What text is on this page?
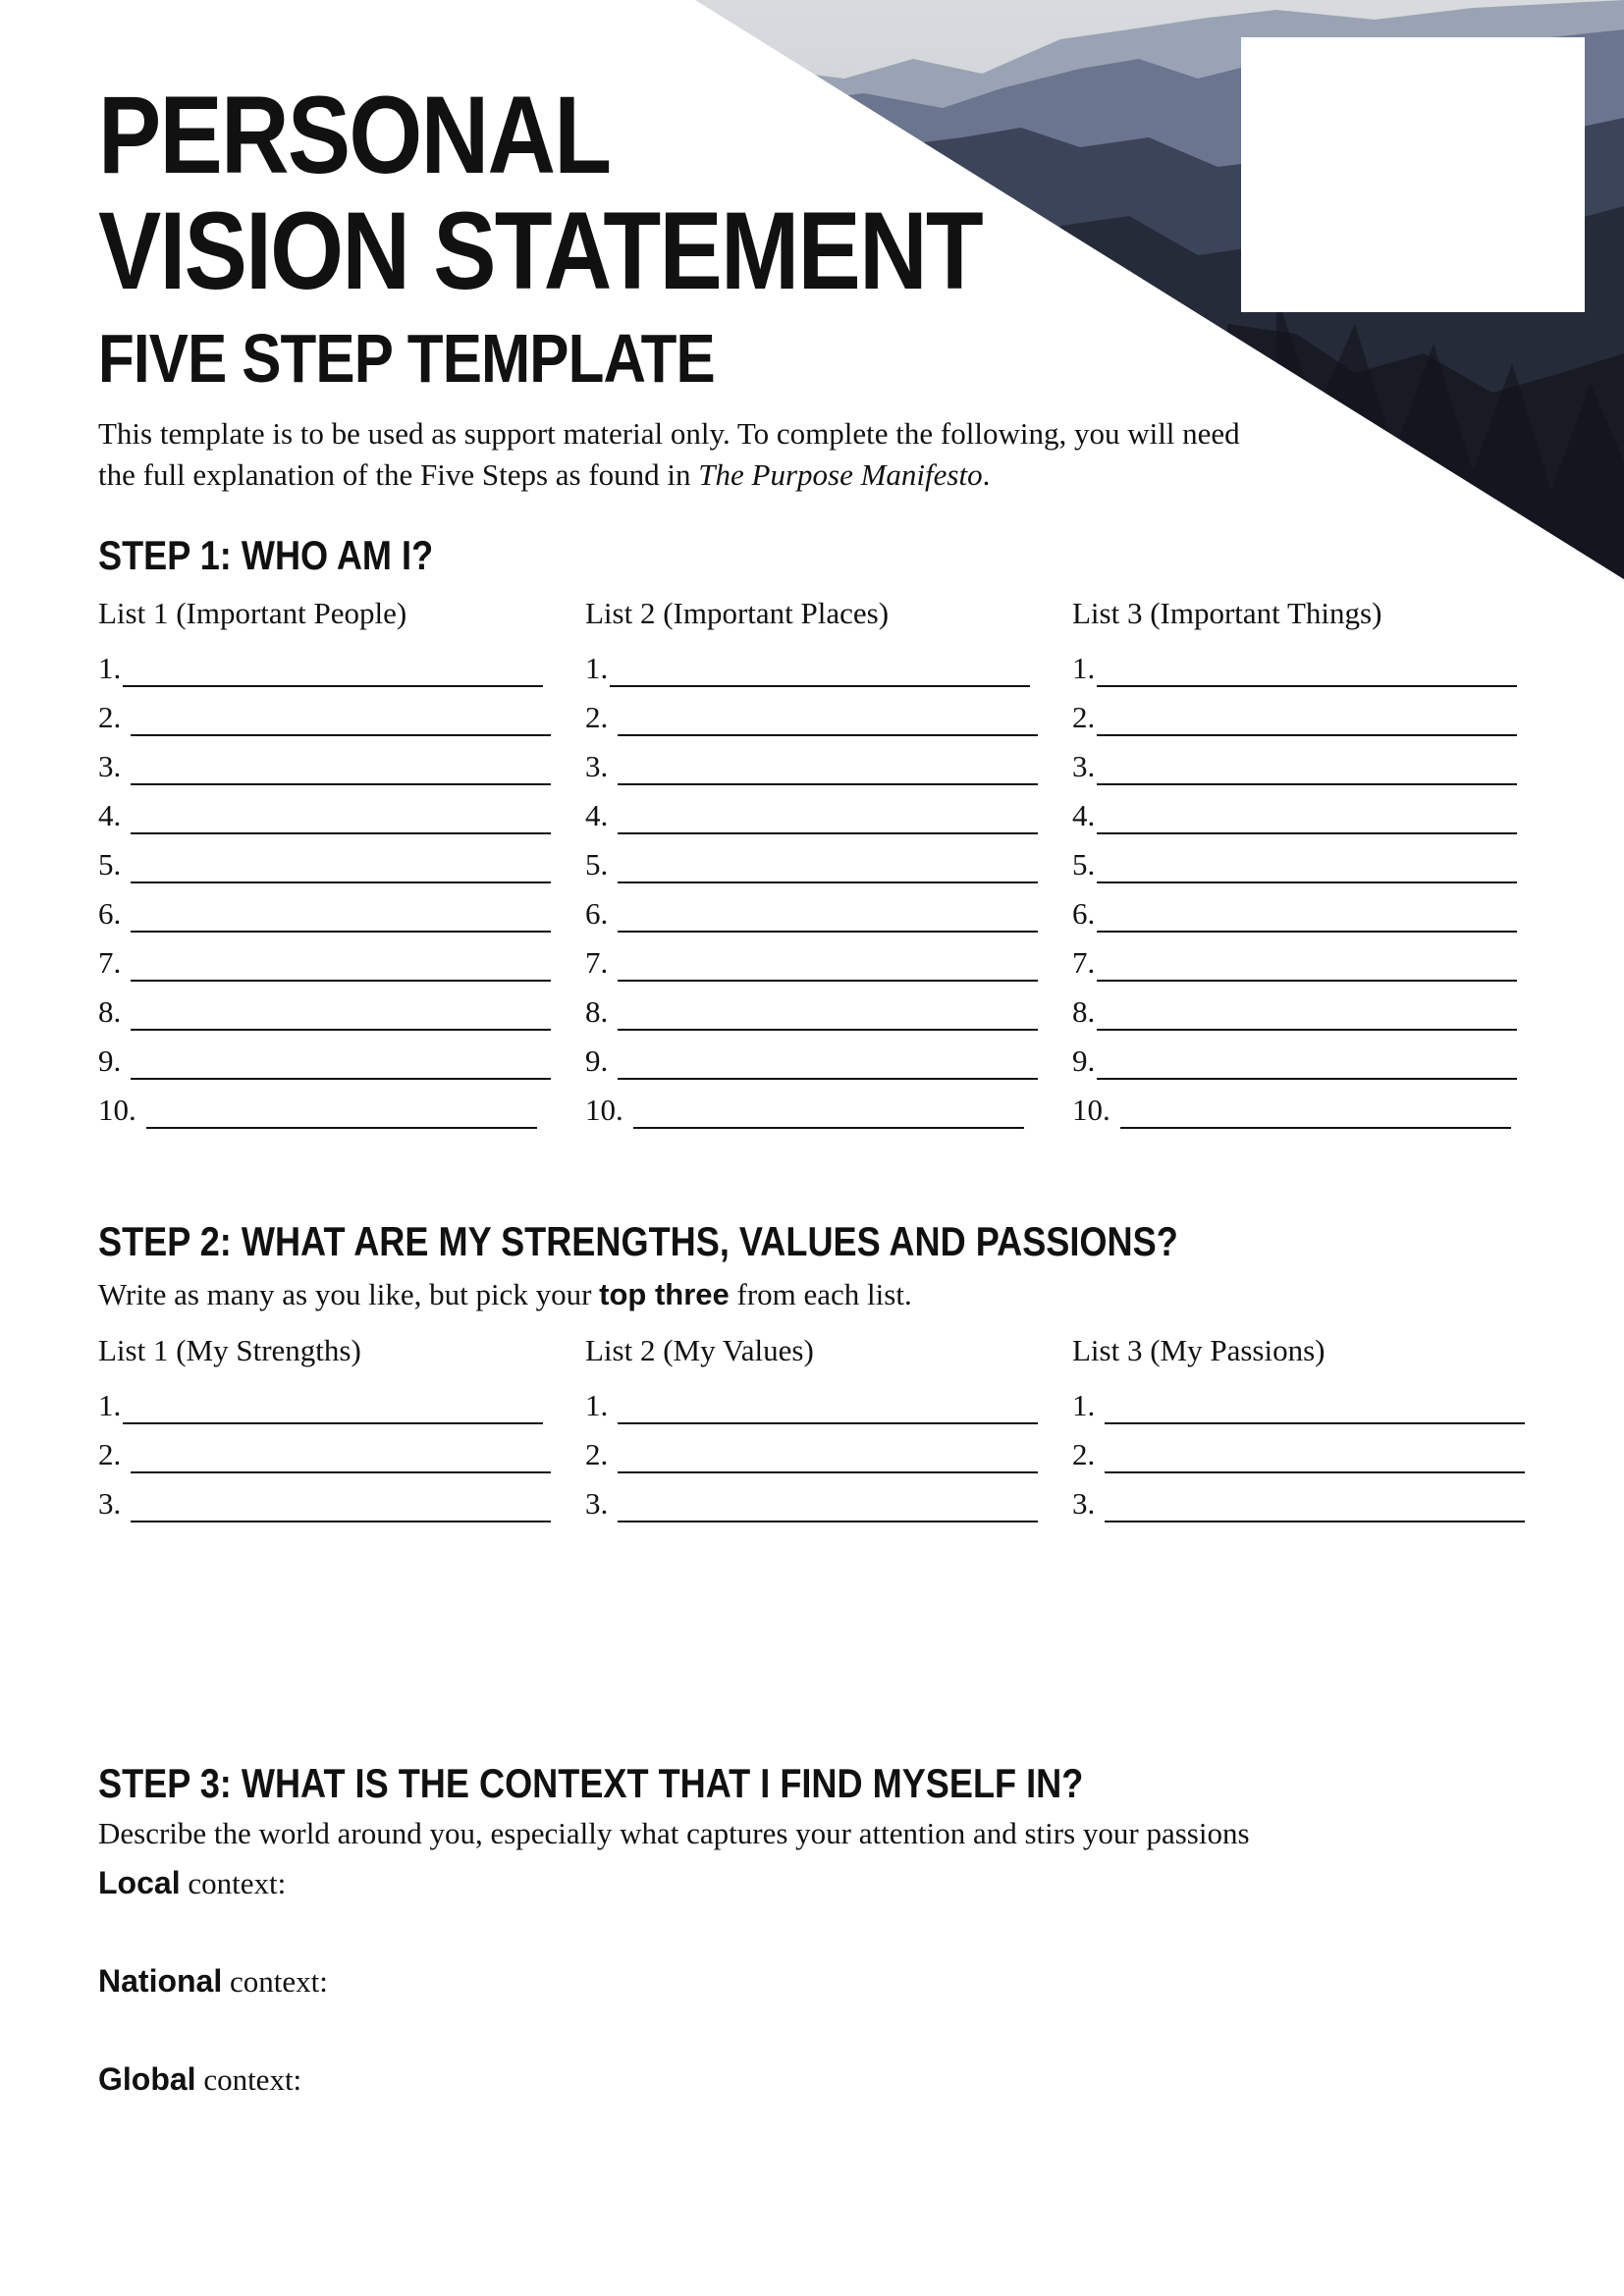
PERSONAL
VISION STATEMENT
FIVE STEP TEMPLATE
This template is to be used as support material only. To complete the following, you will need
the full explanation of the Five Steps as found in The Purpose Manifesto.
STEP 1: WHO AM I?
List 1 (Important People)
1.
2.
3.
4.
5.
6.
7.
8.
9.
10.
List 2 (Important Places)
1.
2.
3.
4.
5.
6.
7.
8.
9.
10.
List 3 (Important Things)
1.
2.
3.
4.
5.
6.
7.
8.
9.
10.
STEP 2: WHAT ARE MY STRENGTHS, VALUES AND PASSIONS?
Write as many as you like, but pick your top three from each list.
List 1 (My Strengths)
1.
2.
3.
List 2 (My Values)
1.
2.
3.
List 3 (My Passions)
1.
2.
3.
STEP 3: WHAT IS THE CONTEXT THAT I FIND MYSELF IN?
Describe the world around you, especially what captures your attention and stirs your passions
Local context:
National context:
Global context:
